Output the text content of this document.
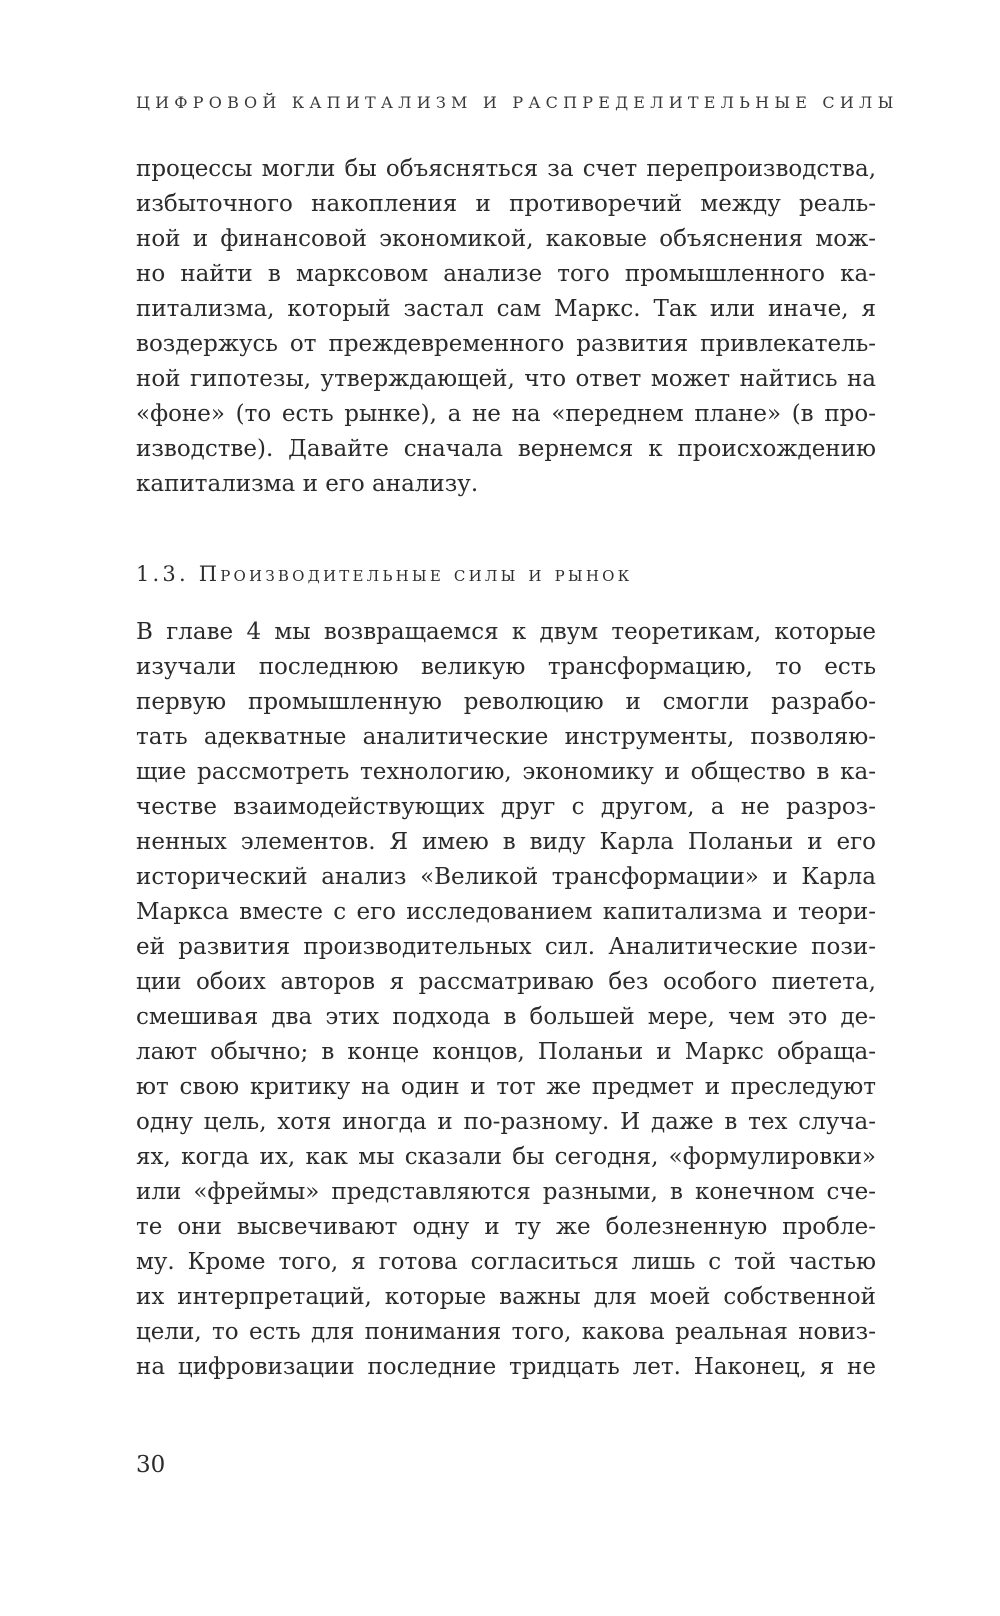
ЦИФРОВОЙ КАПИТАЛИЗМ И РАСПРЕДЕЛИТЕЛЬНЫЕ СИЛЫ
процессы могли бы объясняться за счет перепроизводства,
избыточного накопления и противоречий между реаль-
ной и финансовой экономикой, каковые объяснения мож-
но найти в марксовом анализе того промышленного ка-
питализма, который застал сам Маркс. Так или иначе, я
воздержусь от преждевременного развития привлекатель-
ной гипотезы, утверждающей, что ответ может найтись на
«фоне» (то есть рынке), а не на «переднем плане» (в про-
изводстве). Давайте сначала вернемся к происхождению
капитализма и его анализу.
1.3. Производительные силы и рынок
В главе 4 мы возвращаемся к двум теоретикам, которые
изучали последнюю великую трансформацию, то есть
первую промышленную революцию и смогли разрабо-
тать адекватные аналитические инструменты, позволяю-
щие рассмотреть технологию, экономику и общество в ка-
честве взаимодействующих друг с другом, а не разроз-
ненных элементов. Я имею в виду Карла Поланьи и его
исторический анализ «Великой трансформации» и Карла
Маркса вместе с его исследованием капитализма и теори-
ей развития производительных сил. Аналитические пози-
ции обоих авторов я рассматриваю без особого пиетета,
смешивая два этих подхода в большей мере, чем это де-
лают обычно; в конце концов, Поланьи и Маркс обраща-
ют свою критику на один и тот же предмет и преследуют
одну цель, хотя иногда и по-разному. И даже в тех случа-
ях, когда их, как мы сказали бы сегодня, «формулировки»
или «фреймы» представляются разными, в конечном сче-
те они высвечивают одну и ту же болезненную пробле-
му. Кроме того, я готова согласиться лишь с той частью
их интерпретаций, которые важны для моей собственной
цели, то есть для понимания того, какова реальная новиз-
на цифровизации последние тридцать лет. Наконец, я не
30
